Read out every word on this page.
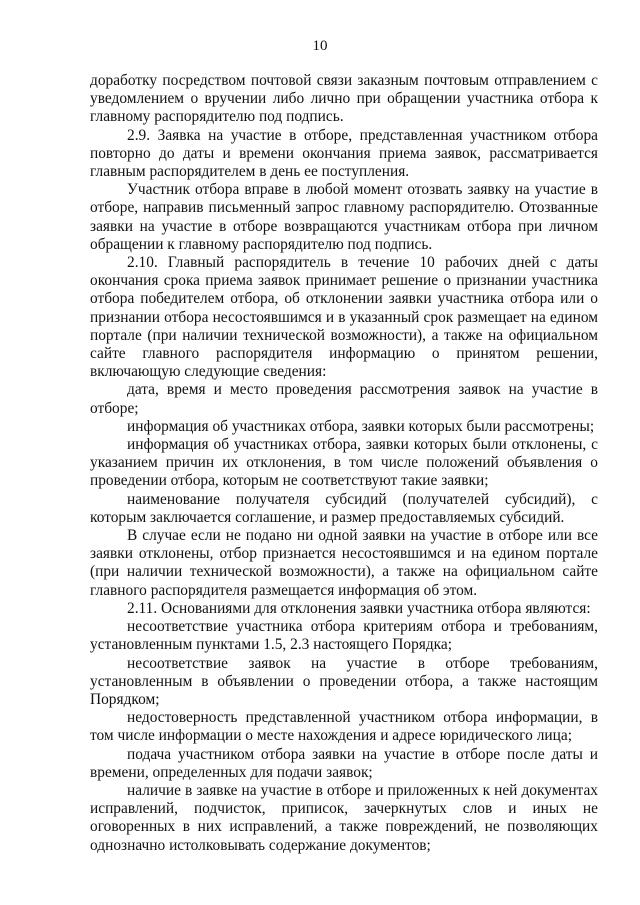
10

доработку посредством почтовой связи заказным почтовым отправлением с уведомлением о вручении либо лично при обращении участника отбора к главному распорядителю под подпись.

2.9. Заявка на участие в отборе, представленная участником отбора повторно до даты и времени окончания приема заявок, рассматривается главным распорядителем в день ее поступления.

Участник отбора вправе в любой момент отозвать заявку на участие в отборе, направив письменный запрос главному распорядителю. Отозванные заявки на участие в отборе возвращаются участникам отбора при личном обращении к главному распорядителю под подпись.

2.10. Главный распорядитель в течение 10 рабочих дней с даты окончания срока приема заявок принимает решение о признании участника отбора победителем отбора, об отклонении заявки участника отбора или о признании отбора несостоявшимся и в указанный срок размещает на едином портале (при наличии технической возможности), а также на официальном сайте главного распорядителя информацию о принятом решении, включающую следующие сведения:

дата, время и место проведения рассмотрения заявок на участие в отборе;

информация об участниках отбора, заявки которых были рассмотрены;

информация об участниках отбора, заявки которых были отклонены, с указанием причин их отклонения, в том числе положений объявления о проведении отбора, которым не соответствуют такие заявки;

наименование получателя субсидий (получателей субсидий), с которым заключается соглашение, и размер предоставляемых субсидий.

В случае если не подано ни одной заявки на участие в отборе или все заявки отклонены, отбор признается несостоявшимся и на едином портале (при наличии технической возможности), а также на официальном сайте главного распорядителя размещается информация об этом.

2.11. Основаниями для отклонения заявки участника отбора являются:

несоответствие участника отбора критериям отбора и требованиям, установленным пунктами 1.5, 2.3 настоящего Порядка;

несоответствие заявок на участие в отборе требованиям, установленным в объявлении о проведении отбора, а также настоящим Порядком;

недостоверность представленной участником отбора информации, в том числе информации о месте нахождения и адресе юридического лица;

подача участником отбора заявки на участие в отборе после даты и времени, определенных для подачи заявок;

наличие в заявке на участие в отборе и приложенных к ней документах исправлений, подчисток, приписок, зачеркнутых слов и иных не оговоренных в них исправлений, а также повреждений, не позволяющих однозначно истолковывать содержание документов;
